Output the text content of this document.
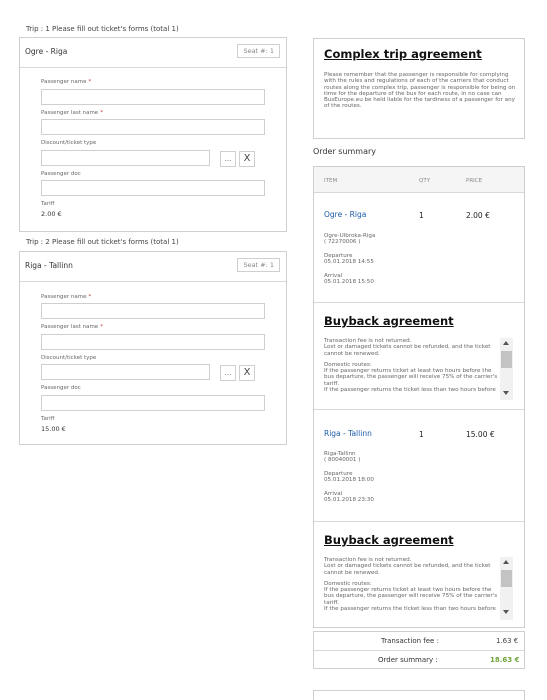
Trip : 1 Please fill out ticket's forms (total 1)
Ogre - Riga	Seat #: 1
Passenger name *
Passenger last name *
Discount/ticket type
...	X
Passenger doc
Tariff
2.00 €
Trip : 2 Please fill out ticket's forms (total 1)
Riga - Tallinn	Seat #: 1
Passenger name *
Passenger last name *
Discount/ticket type
...	X
Passenger doc
Tariff
15.00 €
Complex trip agreement
Please remember that the passenger is responsible for complying with the rules and regulations of each of the carriers that conduct routes along the complex trip, passenger is responsible for being on time for the departure of the bus for each route, in no case can BusEurope.eu be held liable for the tardiness of a passenger for any of the routes.
Order summary
ITEM	QTY	PRICE
Ogre - Riga	1	2.00 €
Ogre-Ulbroka-Riga
( 72270006 )
Departure
05.01.2018 14:55
Arrival
05.01.2018 15:50
Buyback agreement
Transaction fee is not returned.
Lost or damaged tickets cannot be refunded, and the ticket cannot be renewed.
Domestic routes:
If the passenger returns ticket at least two hours before the bus departure, the passenger will receive 75% of the carrier's tariff.
If the passenger returns the ticket less than two hours before
Riga - Tallinn	1	15.00 €
Riga-Tallinn
( 80040001 )
Departure
05.01.2018 18:00
Arrival
05.01.2018 23:30
Buyback agreement
Transaction fee is not returned.
Lost or damaged tickets cannot be refunded, and the ticket cannot be renewed.
Domestic routes:
If the passenger returns ticket at least two hours before the bus departure, the passenger will receive 75% of the carrier's tariff.
If the passenger returns the ticket less than two hours before
Transaction fee :	1.63 €
Order summary :	18.63 €
